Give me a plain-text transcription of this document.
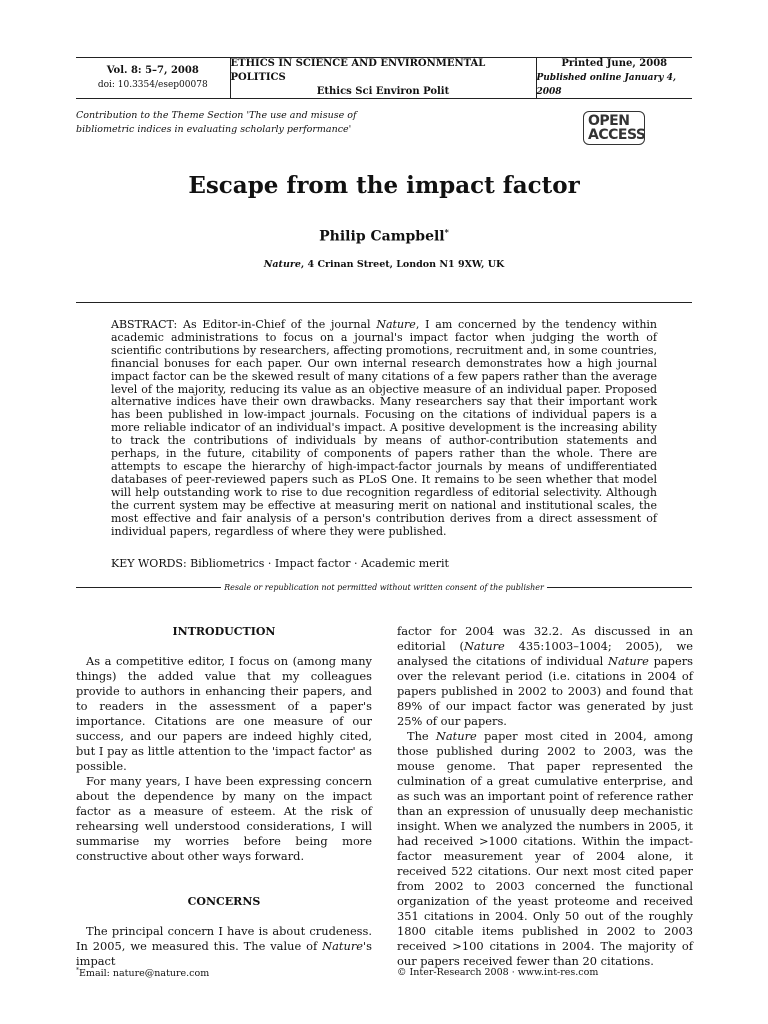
Vol. 8: 5–7, 2008
doi: 10.3354/esep00078
ETHICS IN SCIENCE AND ENVIRONMENTAL POLITICS
Ethics Sci Environ Polit
Printed June, 2008
Published online January 4, 2008
Contribution to the Theme Section 'The use and misuse of
bibliometric indices in evaluating scholarly performance'
OPEN
ACCESS
Escape from the impact factor
Philip Campbell*
Nature, 4 Crinan Street, London N1 9XW, UK
ABSTRACT: As Editor-in-Chief of the journal Nature, I am concerned by the tendency within academic administrations to focus on a journal's impact factor when judging the worth of scientific contributions by researchers, affecting promotions, recruitment and, in some countries, financial bonuses for each paper. Our own internal research demonstrates how a high journal impact factor can be the skewed result of many citations of a few papers rather than the average level of the majority, reducing its value as an objective measure of an individual paper. Proposed alternative indices have their own drawbacks. Many researchers say that their important work has been published in low-impact journals. Focusing on the citations of individual papers is a more reliable indicator of an individual's impact. A positive development is the increasing ability to track the contributions of individuals by means of author-contribution statements and perhaps, in the future, citability of components of papers rather than the whole. There are attempts to escape the hierarchy of high-impact-factor journals by means of undifferentiated databases of peer-reviewed papers such as PLoS One. It remains to be seen whether that model will help outstanding work to rise to due recognition regardless of editorial selectivity. Although the current system may be effective at measuring merit on national and institutional scales, the most effective and fair analysis of a person's contribution derives from a direct assessment of individual papers, regardless of where they were published.
KEY WORDS: Bibliometrics · Impact factor · Academic merit
Resale or republication not permitted without written consent of the publisher
INTRODUCTION

As a competitive editor, I focus on (among many things) the added value that my colleagues provide to authors in enhancing their papers, and to readers in the assessment of a paper's importance. Citations are one measure of our success, and our papers are indeed highly cited, but I pay as little attention to the 'impact factor' as possible.

For many years, I have been expressing concern about the dependence by many on the impact factor as a measure of esteem. At the risk of rehearsing well understood considerations, I will summarise my worries before being more constructive about other ways forward.

CONCERNS

The principal concern I have is about crudeness. In 2005, we measured this. The value of Nature's impact

factor for 2004 was 32.2. As discussed in an editorial (Nature 435:1003–1004; 2005), we analysed the citations of individual Nature papers over the relevant period (i.e. citations in 2004 of papers published in 2002 to 2003) and found that 89% of our impact factor was generated by just 25% of our papers.

The Nature paper most cited in 2004, among those published during 2002 to 2003, was the mouse genome. That paper represented the culmination of a great cumulative enterprise, and as such was an important point of reference rather than an expression of unusually deep mechanistic insight. When we analyzed the numbers in 2005, it had received >1000 citations. Within the impact-factor measurement year of 2004 alone, it received 522 citations. Our next most cited paper from 2002 to 2003 concerned the functional organization of the yeast proteome and received 351 citations in 2004. Only 50 out of the roughly 1800 citable items published in 2002 to 2003 received >100 citations in 2004. The majority of our papers received fewer than 20 citations.

*Email: nature@nature.com	© Inter-Research 2008 · www.int-res.com
